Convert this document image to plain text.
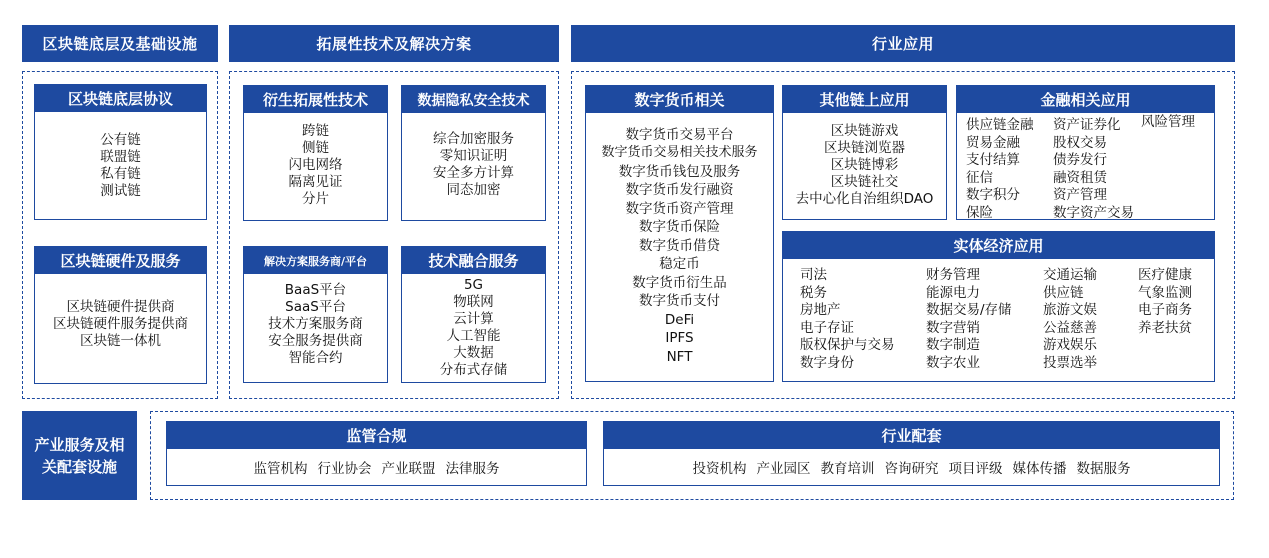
区块链底层及基础设施	拓展性技术及解决方案	行业应用
区块链底层协议
公有链
联盟链
私有链
测试链
区块链硬件及服务
区块链硬件提供商
区块链硬件服务提供商
区块链一体机
衍生拓展性技术
跨链
侧链
闪电网络
隔离见证
分片
数据隐私安全技术
综合加密服务
零知识证明
安全多方计算
同态加密
解决方案服务商/平台
BaaS平台
SaaS平台
技术方案服务商
安全服务提供商
智能合约
技术融合服务
5G
物联网
云计算
人工智能
大数据
分布式存储
数字货币相关
数字货币交易平台
数字货币交易相关技术服务
数字货币钱包及服务
数字货币发行融资
数字货币资产管理
数字货币保险
数字货币借贷
稳定币
数字货币衍生品
数字货币支付
DeFi
IPFS
NFT
其他链上应用
区块链游戏
区块链浏览器
区块链博彩
区块链社交
去中心化自治组织DAO
金融相关应用
供应链金融
贸易金融
支付结算
征信
数字积分
保险
资产证券化
股权交易
债券发行
融资租赁
资产管理
数字资产交易
风险管理
实体经济应用
司法
税务
房地产
电子存证
版权保护与交易
数字身份
财务管理
能源电力
数据交易/存储
数字营销
数字制造
数字农业
交通运输
供应链
旅游文娱
公益慈善
游戏娱乐
投票选举
医疗健康
气象监测
电子商务
养老扶贫
产业服务及相关配套设施
监管合规
监管机构 行业协会 产业联盟 法律服务
行业配套
投资机构 产业园区 教育培训 咨询研究 项目评级 媒体传播 数据服务
